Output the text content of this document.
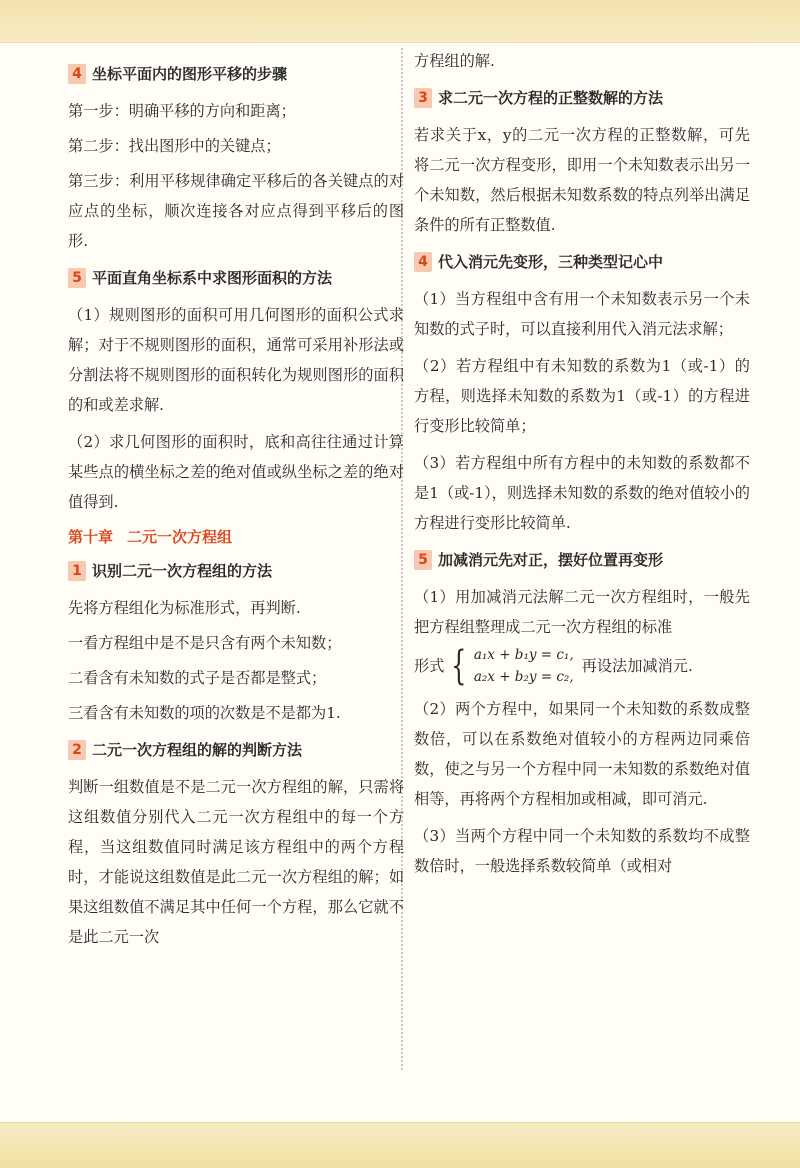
4 坐标平面内的图形平移的步骤

第一步：明确平移的方向和距离；

第二步：找出图形中的关键点；

第三步：利用平移规律确定平移后的各关键点的对应点的坐标，顺次连接各对应点得到平移后的图形.

5 平面直角坐标系中求图形面积的方法

（1）规则图形的面积可用几何图形的面积公式求解；对于不规则图形的面积，通常可采用补形法或分割法将不规则图形的面积转化为规则图形的面积的和或差求解.

（2）求几何图形的面积时，底和高往往通过计算某些点的横坐标之差的绝对值或纵坐标之差的绝对值得到.

第十章 二元一次方程组
1 识别二元一次方程组的方法

先将方程组化为标准形式，再判断.

一看方程组中是不是只含有两个未知数；

二看含有未知数的式子是否都是整式；

三看含有未知数的项的次数是不是都为1.

2 二元一次方程组的解的判断方法

判断一组数值是不是二元一次方程组的解，只需将这组数值分别代入二元一次方程组中的每一个方程，当这组数值同时满足该方程组中的两个方程时，才能说这组数值是此二元一次方程组的解；如果这组数值不满足其中任何一个方程，那么它就不是此二元一次

方程组的解.

3 求二元一次方程的正整数解的方法

若求关于x，y的二元一次方程的正整数解，可先将二元一次方程变形，即用一个未知数表示出另一个未知数，然后根据未知数系数的特点列举出满足条件的所有正整数值.

4 代入消元先变形，三种类型记心中

（1）当方程组中含有用一个未知数表示另一个未知数的式子时，可以直接利用代入消元法求解；

（2）若方程组中有未知数的系数为1（或-1）的方程，则选择未知数的系数为1（或-1）的方程进行变形比较简单；

（3）若方程组中所有方程中的未知数的系数都不是1（或-1），则选择未知数的系数的绝对值较小的方程进行变形比较简单.

5 加减消元先对正，摆好位置再变形

（1）用加减消元法解二元一次方程组时，一般先把方程组整理成二元一次方程组的标准

形式 { a₁x + b₁y = c₁,
a₂x + b₂y = c₂,
再设法加减消元.

（2）两个方程中，如果同一个未知数的系数成整数倍，可以在系数绝对值较小的方程两边同乘倍数，使之与另一个方程中同一未知数的系数绝对值相等，再将两个方程相加或相减，即可消元.

（3）当两个方程中同一个未知数的系数均不成整数倍时，一般选择系数较简单（或相对
